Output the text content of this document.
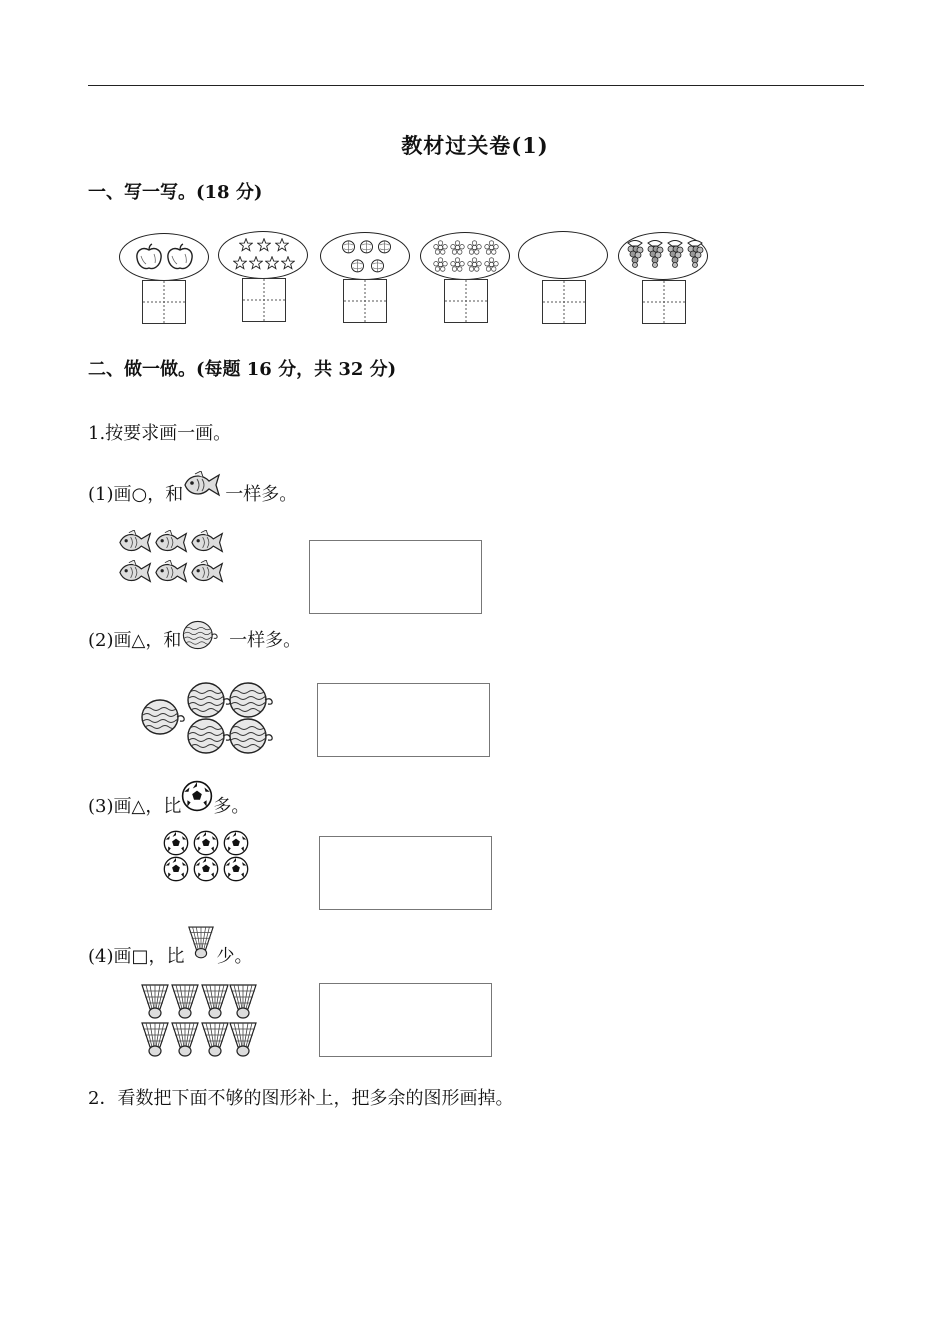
教材过关卷(1)
一、写一写。(18 分)
二、做一做。(每题 16 分，共 32 分)
1.按要求画一画。
(1)画○，和 一样多。
(2)画△，和 一样多。
(3)画△，比 多。
(4)画□，比 少。
2．看数把下面不够的图形补上，把多余的图形画掉。
